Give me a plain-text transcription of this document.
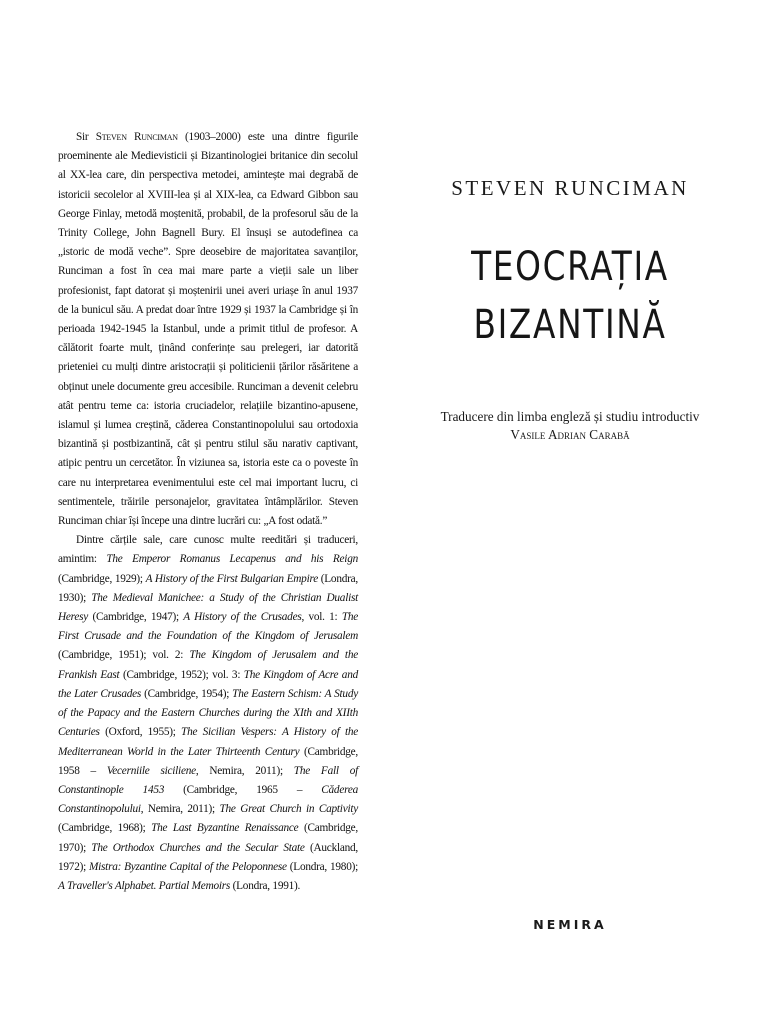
Sir Steven Runciman (1903–2000) este una dintre figurile proeminente ale Medievisticii și Bizantinologiei britanice din secolul al XX-lea care, din perspectiva metodei, amintește mai degrabă de istoricii secolelor al XVIII-lea și al XIX-lea, ca Edward Gibbon sau George Finlay, metodă moștenită, probabil, de la profesorul său de la Trinity College, John Bagnell Bury. El însuși se autodefinea ca „istoric de modă veche”. Spre deosebire de majoritatea savanților, Runciman a fost în cea mai mare parte a vieții sale un liber profesionist, fapt datorat și moștenirii unei averi uriașe în anul 1937 de la bunicul său. A predat doar între 1929 și 1937 la Cambridge și în perioada 1942-1945 la Istanbul, unde a primit titlul de profesor. A călătorit foarte mult, ținând conferințe sau prelegeri, iar datorită prieteniei cu mulți dintre aristocrații și politicienii țărilor răsăritene a obținut unele documente greu accesibile. Runciman a devenit celebru atât pentru teme ca: istoria cruciadelor, relațiile bizantino-apusene, islamul și lumea creștină, căderea Constantinopolului sau ortodoxia bizantină și postbizantină, cât și pentru stilul său narativ captivant, atipic pentru un cercetător. În viziunea sa, istoria este ca o poveste în care nu interpretarea evenimentului este cel mai important lucru, ci sentimentele, trăirile personajelor, gravitatea întâmplărilor. Steven Runciman chiar își începe una dintre lucrări cu: „A fost odată.”

Dintre cărțile sale, care cunosc multe reeditări și traduceri, amintim: The Emperor Romanus Lecapenus and his Reign (Cambridge, 1929); A History of the First Bulgarian Empire (Londra, 1930); The Medieval Manichee: a Study of the Christian Dualist Heresy (Cambridge, 1947); A History of the Crusades, vol. 1: The First Crusade and the Foundation of the Kingdom of Jerusalem (Cambridge, 1951); vol. 2: The Kingdom of Jerusalem and the Frankish East (Cambridge, 1952); vol. 3: The Kingdom of Acre and the Later Crusades (Cambridge, 1954); The Eastern Schism: A Study of the Papacy and the Eastern Churches during the XIth and XIIth Centuries (Oxford, 1955); The Sicilian Vespers: A History of the Mediterranean World in the Later Thirteenth Century (Cambridge, 1958 – Vecerniile siciliene, Nemira, 2011); The Fall of Constantinople 1453 (Cambridge, 1965 – Căderea Constantinopolului, Nemira, 2011); The Great Church in Captivity (Cambridge, 1968); The Last Byzantine Renaissance (Cambridge, 1970); The Orthodox Churches and the Secular State (Auckland, 1972); Mistra: Byzantine Capital of the Peloponnese (Londra, 1980); A Traveller's Alphabet. Partial Memoirs (Londra, 1991).

STEVEN RUNCIMAN
TEOCRAȚIA
BIZANTINĂ
Traducere din limba engleză și studiu introductiv
Vasile Adrian Carabă
NEMIRA
